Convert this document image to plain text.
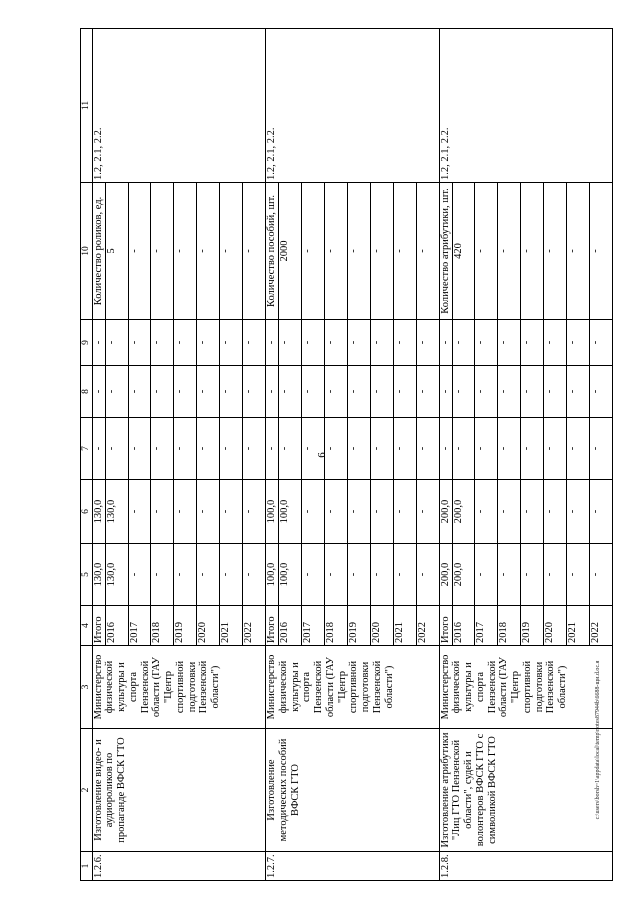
6
c:\users\borsh~1\appdata\local\temp\notes87944b\6688-щи.d.ос.я
1	2	3	4	5	6	7	8	9	10	11
1.2.6.	Изготовление видео- и аудиороликов по пропаганде ВФСК ГТО	Министерство физической культуры и спорта Пензенской области (ГАУ "Центр спортивной подготовки Пензенской области")	Итого	130,0	130,0	-	-	-	Количество роликов, ед.	1.2, 2.1, 2.2.
			2016	130,0	130,0	-	-	-	5	
			2017	-	-	-	-	-	-	
			2018	-	-	-	-	-	-	
			2019	-	-	-	-	-	-	
			2020	-	-	-	-	-	-	
			2021	-	-	-	-	-	-	
			2022	-	-	-	-	-	-	
1.2.7.	Изготовление методических пособий ВФСК ГТО	Министерство физической культуры и спорта Пензенской области (ГАУ "Центр спортивной подготовки Пензенской области")	Итого	100,0	100,0	-	-	-	Количество пособий, шт.	1.2, 2.1, 2.2.
			2016	100,0	100,0	-	-	-	2000	
			2017	-	-	-	-	-	-	
			2018	-	-	-	-	-	-	
			2019	-	-	-	-	-	-	
			2020	-	-	-	-	-	-	
			2021	-	-	-	-	-	-	
			2022	-	-	-	-	-	-	
1.2.8.	Изготовление атрибутики "Лиц ГТО Пензенской области", судей и волонтеров ВФСК ГТО с символикой ВФСК ГТО	Министерство физической культуры и спорта Пензенской области (ГАУ "Центр спортивной подготовки Пензенской области")	Итого	200,0	200,0	-	-	-	Количество атрибутики, шт.	1.2, 2.1, 2.2.
			2016	200,0	200,0	-	-	-	420	
			2017	-	-	-	-	-	-	
			2018	-	-	-	-	-	-	
			2019	-	-	-	-	-	-	
			2020	-	-	-	-	-	-	
			2021	-	-	-	-	-	-	
			2022	-	-	-	-	-	-	
